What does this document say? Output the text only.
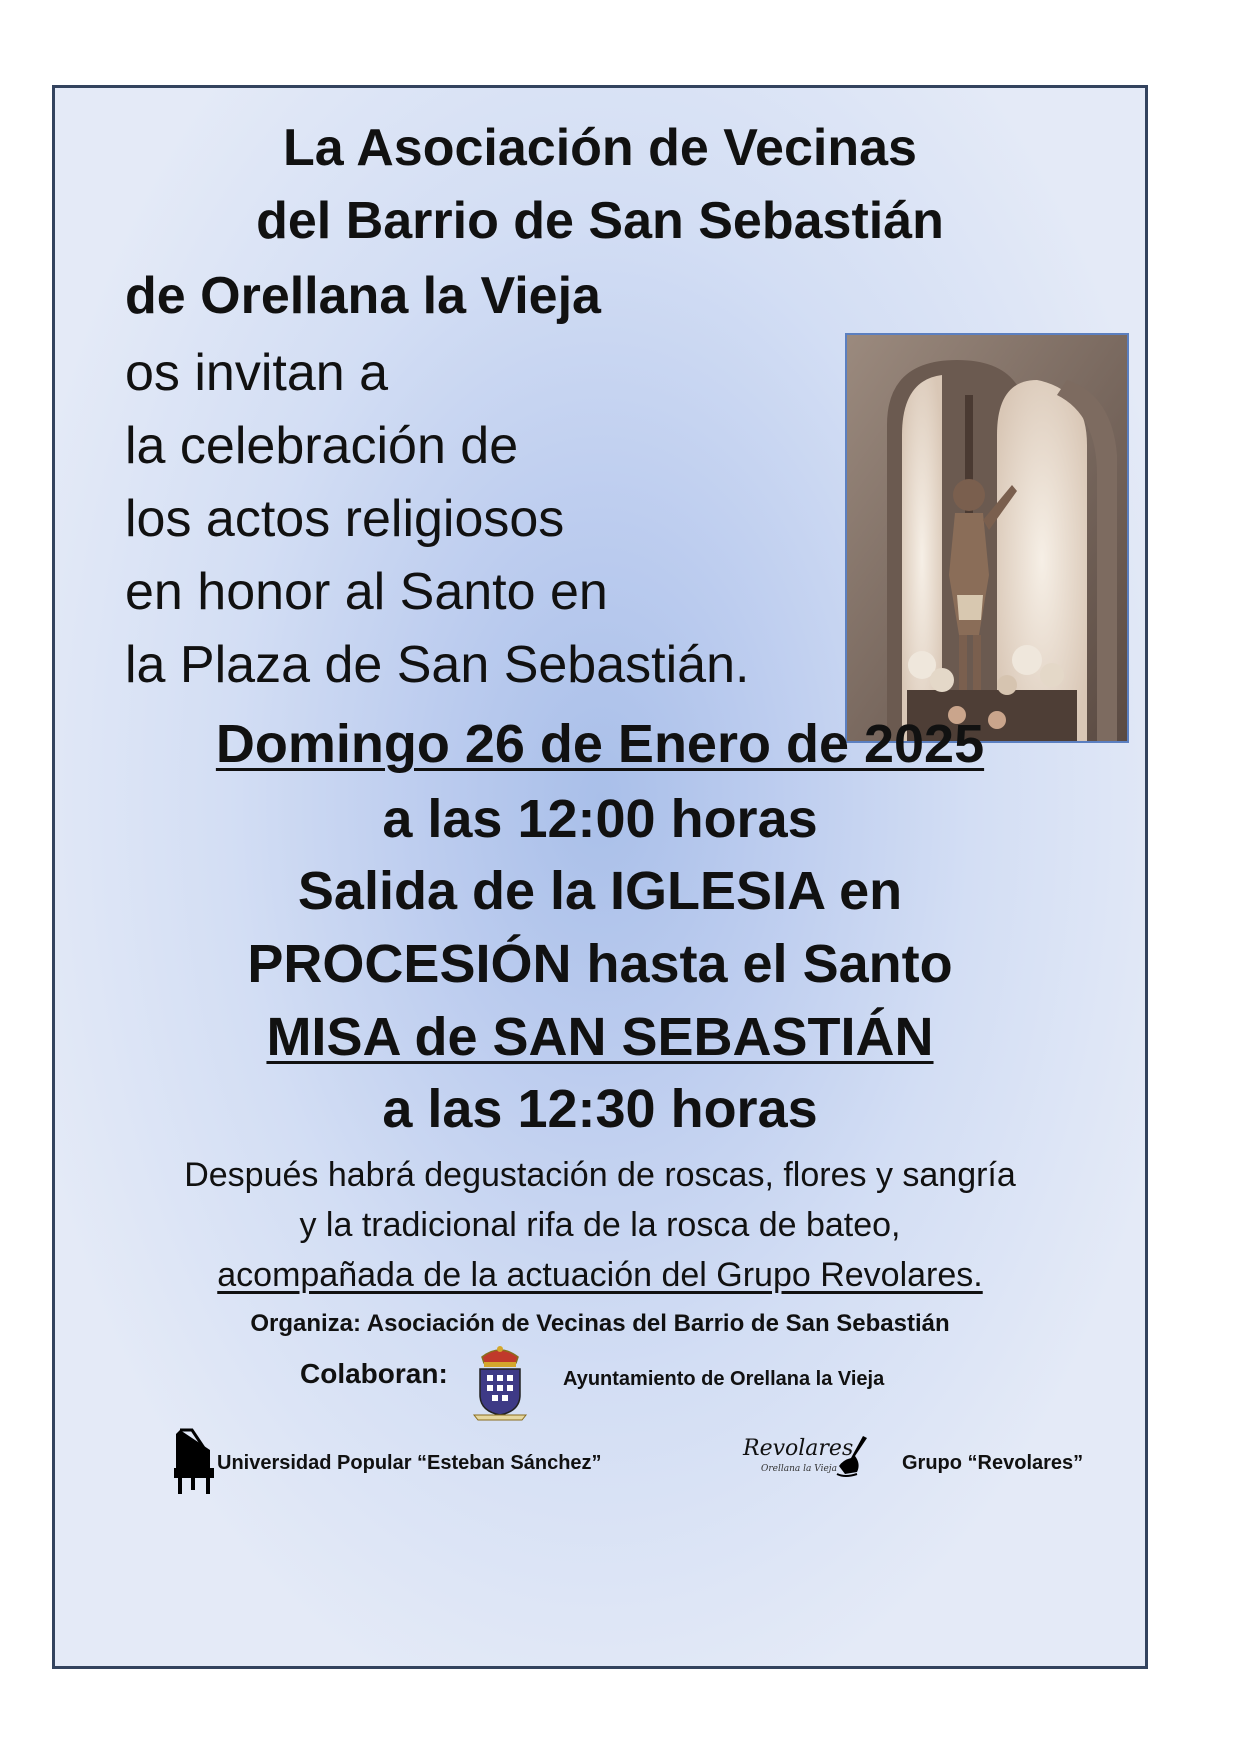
La Asociación de Vecinas
del Barrio de San Sebastián
de Orellana la Vieja
os invitan a
la celebración de
los actos religiosos
en honor al Santo en
la Plaza de San Sebastián.
Domingo 26 de Enero de 2025
a las 12:00 horas
Salida de la IGLESIA en
PROCESIÓN hasta el Santo
MISA de SAN SEBASTIÁN
a las 12:30 horas
Después habrá degustación de roscas, flores y sangría
y la tradicional rifa de la rosca de bateo,
acompañada de la actuación del Grupo Revolares.
Organiza: Asociación de Vecinas del Barrio de San Sebastián
Colaboran:	Ayuntamiento de Orellana la Vieja
Universidad Popular “Esteban Sánchez”
Revolares
Orellana la Vieja	Grupo “Revolares”
